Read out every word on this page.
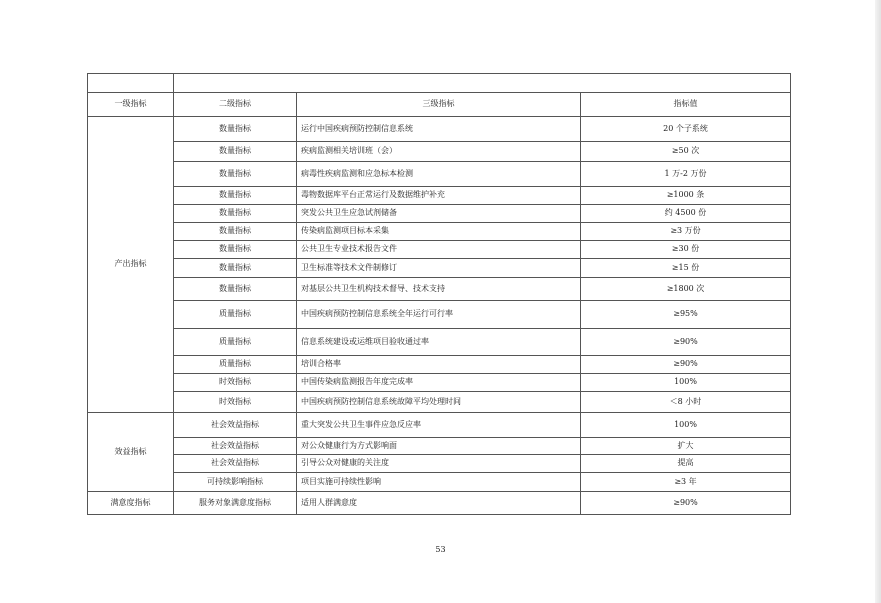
一级指标	二级指标	三级指标	指标值
产出指标	数量指标	运行中国疾病预防控制信息系统	20 个子系统
	数量指标	疾病监测相关培训班（会）	≥50 次
	数量指标	病毒性疾病监测和应急标本检测	1 万-2 万份
	数量指标	毒物数据库平台正常运行及数据维护补充	≥1000 条
	数量指标	突发公共卫生应急试剂储备	约 4500 份
	数量指标	传染病监测项目标本采集	≥3 万份
	数量指标	公共卫生专业技术报告文件	≥30 份
	数量指标	卫生标准等技术文件制修订	≥15 份
	数量指标	对基层公共卫生机构技术督导、技术支持	≥1800 次
	质量指标	中国疾病预防控制信息系统全年运行可行率	≥95%
	质量指标	信息系统建设或运维项目验收通过率	≥90%
	质量指标	培训合格率	≥90%
	时效指标	中国传染病监测报告年度完成率	100%
	时效指标	中国疾病预防控制信息系统故障平均处理时间	＜8 小时
效益指标	社会效益指标	重大突发公共卫生事件应急反应率	100%
	社会效益指标	对公众健康行为方式影响面	扩大
	社会效益指标	引导公众对健康的关注度	提高
	可持续影响指标	项目实施可持续性影响	≥3 年
满意度指标	服务对象满意度指标	适用人群满意度	≥90%
53
